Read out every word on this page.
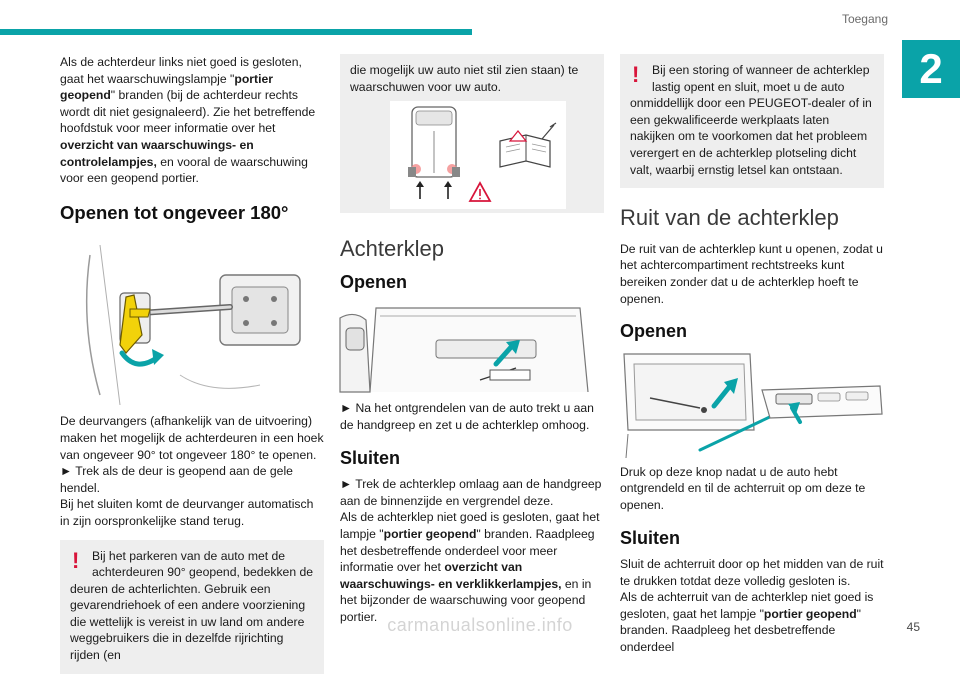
Toegang
2

Als de achterdeur links niet goed is gesloten, gaat het waarschuwingslampje "portier geopend" branden (bij de achterdeur rechts wordt dit niet gesignaleerd). Zie het betreffende hoofdstuk voor meer informatie over het overzicht van waarschuwings- en controlelampjes, en vooral de waarschuwing voor een geopend portier.

Openen tot ongeveer 180°

De deurvangers (afhankelijk van de uitvoering) maken het mogelijk de achterdeuren in een hoek van ongeveer 90° tot ongeveer 180° te openen.

► Trek als de deur is geopend aan de gele hendel.

Bij het sluiten komt de deurvanger automatisch in zijn oorspronkelijke stand terug.

!	Bij het parkeren van de auto met de achterdeuren 90° geopend, bedekken de

deuren de achterlichten. Gebruik een gevarendriehoek of een andere voorziening die wettelijk is vereist in uw land om andere weggebruikers die in dezelfde rijrichting rijden (en

die mogelijk uw auto niet stil zien staan) te waarschuwen voor uw auto.

Achterklep
Openen

► Na het ontgrendelen van de auto trekt u aan de handgreep en zet u de achterklep omhoog.

Sluiten

► Trek de achterklep omlaag aan de handgreep aan de binnenzijde en vergrendel deze.

Als de achterklep niet goed is gesloten, gaat het lampje "portier geopend" branden. Raadpleeg het desbetreffende onderdeel voor meer informatie over het overzicht van waarschuwings- en verklikkerlampjes, en in het bijzonder de waarschuwing voor geopend portier.

!	Bij een storing of wanneer de achterklep lastig opent en sluit, moet u de auto

onmiddellijk door een PEUGEOT-dealer of in een gekwalificeerde werkplaats laten nakijken om te voorkomen dat het probleem verergert en de achterklep plotseling dicht valt, waarbij ernstig letsel kan ontstaan.

Ruit van de achterklep

De ruit van de achterklep kunt u openen, zodat u het achtercompartiment rechtstreeks kunt bereiken zonder dat u de achterklep hoeft te openen.

Openen

Druk op deze knop nadat u de auto hebt ontgrendeld en til de achterruit op om deze te openen.

Sluiten

Sluit de achterruit door op het midden van de ruit te drukken totdat deze volledig gesloten is.

Als de achterruit van de achterklep niet goed is gesloten, gaat het lampje "portier geopend" branden. Raadpleeg het desbetreffende onderdeel

45
carmanualsonline.info
